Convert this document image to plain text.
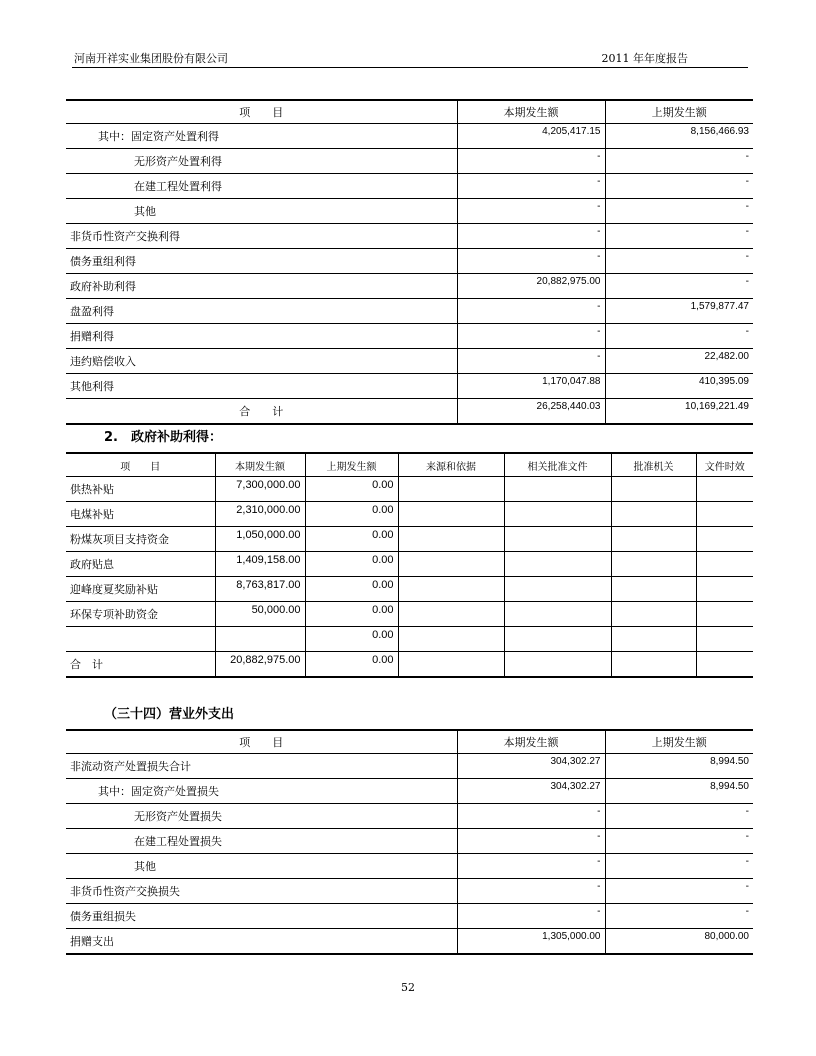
河南开祥实业集团股份有限公司	2011 年年度报告
项　　目	本期发生额	上期发生额
其中：固定资产处置利得	4,205,417.15	8,156,466.93
无形资产处置利得	-	-
在建工程处置利得	-	-
其他	-	-
非货币性资产交换利得	-	-
债务重组利得	-	-
政府补助利得	20,882,975.00	-
盘盈利得	-	1,579,877.47
捐赠利得	-	-
违约赔偿收入	-	22,482.00
其他利得	1,170,047.88	410,395.09
合　　计	26,258,440.03	10,169,221.49
2.　政府补助利得：
项　　目	本期发生额	上期发生额	来源和依据	相关批准文件	批准机关	文件时效
供热补贴	7,300,000.00	0.00				
电煤补贴	2,310,000.00	0.00				
粉煤灰项目支持资金	1,050,000.00	0.00				
政府贴息	1,409,158.00	0.00				
迎峰度夏奖励补贴	8,763,817.00	0.00				
环保专项补助资金	50,000.00	0.00				
		0.00				
合　计	20,882,975.00	0.00				
（三十四）营业外支出
项　　目	本期发生额	上期发生额
非流动资产处置损失合计	304,302.27	8,994.50
其中：固定资产处置损失	304,302.27	8,994.50
无形资产处置损失	-	-
在建工程处置损失	-	-
其他	-	-
非货币性资产交换损失	-	-
债务重组损失	-	-
捐赠支出	1,305,000.00	80,000.00
52
